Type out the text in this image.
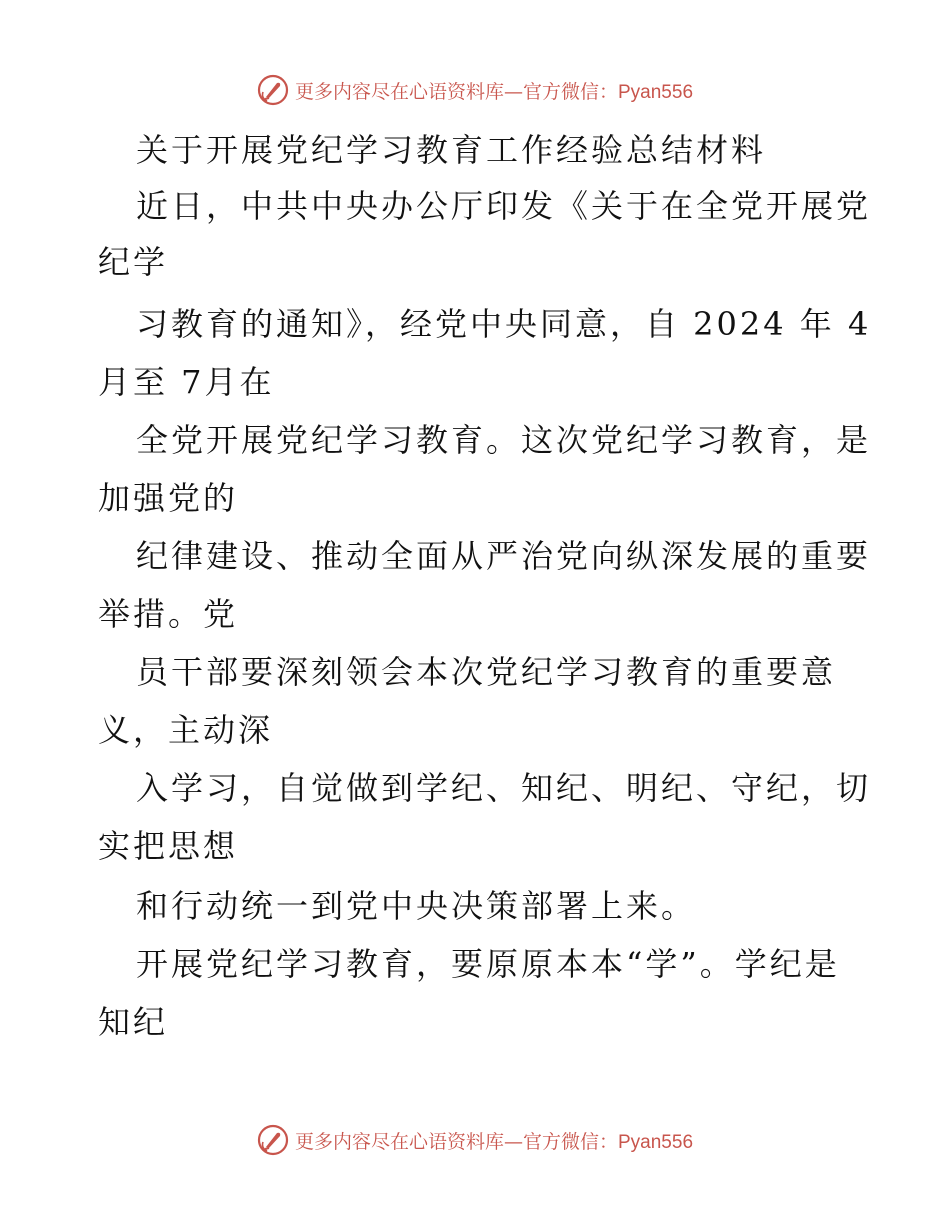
更多内容尽在心语资料库—官方微信：Pyan556
关于开展党纪学习教育工作经验总结材料
近日，中共中央办公厅印发《关于在全党开展党
纪学
习教育的通知》，经党中央同意，自 2024 年 4
月至 7月在
全党开展党纪学习教育。这次党纪学习教育，是
加强党的
纪律建设、推动全面从严治党向纵深发展的重要
举措。党
员干部要深刻领会本次党纪学习教育的重要意
义，主动深
入学习，自觉做到学纪、知纪、明纪、守纪，切
实把思想
和行动统一到党中央决策部署上来。
开展党纪学习教育，要原原本本“学”。学纪是
知纪
更多内容尽在心语资料库—官方微信：Pyan556
